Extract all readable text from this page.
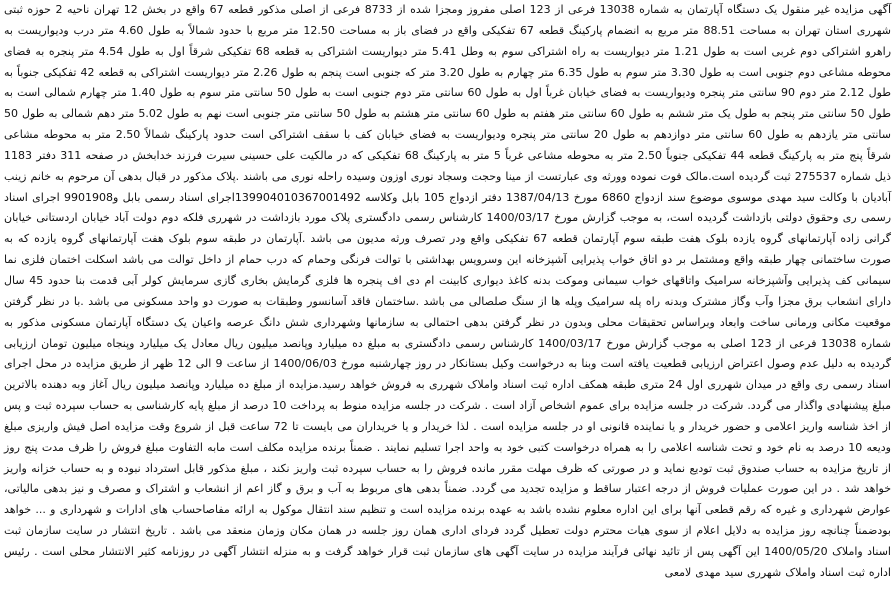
آگهی مزایده غیر منقول یک دستگاه آپارتمان به شماره 13038 فرعی از 123 اصلی مفروز ومجزا شده از 8733 فرعی از اصلی مذکور قطعه 67 واقع در بخش 12 تهران ناحیه 2 حوزه ثبتی شهرری استان تهران به مساحت 88.51 متر مربع به انضمام پارکینگ قطعه 67 تفکیکی واقع در فضای باز به مساحت 12.50 متر مربع با حدود شمالاً به طول 4.60 متر درب ودیواریست به راهرو اشتراکی دوم غربی است به طول 1.21 متر دیواریست به راه اشتراکی سوم به وطل 5.41 متر دیواریست اشتراکی به قطعه 68 تفکیکی شرقاً اول به طول 4.54 متر پنجره به فضای محوطه مشاعی دوم جنوبی است به طول 3.30 متر سوم به طول 6.35 متر چهارم به طول 3.20 متر که جنوبی است پنجم به طول 2.26 متر دیواریست اشتراکی به قطعه 42 تفکیکی جنوباً به طول 2.12 متر دوم 90 سانتی متر پنجره ودیواریست به فضای خیابان غرباً اول به طول 60 سانتی متر دوم جنوبی است به طول 50 سانتی متر سوم به طول 1.40 متر چهارم شمالی است به طول 50 سانتی متر پنجم به طول یک متر ششم به طول 60 سانتی متر هفتم به طول 60 سانتی متر هشتم به طول 50 سانتی متر جنوبی است نهم به طول 5.02 متر دهم شمالی به طول 50 سانتی متر یازدهم به طول 60 سانتی متر دوازدهم به طول 20 سانتی متر پنجره ودیواریست به فضای خیابان کف با سقف اشتراکی است حدود پارکینگ شمالاً 2.50 متر به محوطه مشاعی شرقاً پنج متر به پارکینگ قطعه 44 تفکیکی جنوباً 2.50 متر به محوطه مشاعی غرباً 5 متر به پارکینگ 68 تفکیکی که در مالکیت علی حسینی سیرت فرزند خدابخش در صفحه 311 دفتر 1183 ذیل شماره 275537 ثبت گردیده است.مالک فوت نموده وورثه وی عبارتست از مینا وحجت وسجاد نوری اوزون وسیده راحله نوری می باشند .پلاک مذکور در قبال بدهی آن مرحوم به خانم زینب آبادیان با وکالت سید مهدی موسوی موضوع سند ازدواج 6860 مورخ 1387/04/13 دفتر ازدواج 105 بابل وکلاسه 139904010367001492اجرای اسناد رسمی بابل و9901908 اجرای اسناد رسمی ری وحقوق دولتی بازداشت گردیده است، به موجب گزارش مورخ 1400/03/17 کارشناس رسمی دادگستری پلاک مورد بازداشت در شهرری فلکه دوم دولت آباد خیابان اردستانی خیابان گرانی زاده آپارتمانهای گروه یازده بلوک هفت طبقه سوم آپارتمان قطعه 67 تفکیکی واقع ودر تصرف ورثه مدیون می باشد .آپارتمان در طبقه سوم بلوک هفت آپارتمانهای گروه یازده که به صورت ساختمانی چهار طبقه واقع ومشتمل بر دو اتاق خواب پذیرایی آشپزخانه این وسرویس بهداشتی با توالت فرنگی وحمام که درب حمام از داخل توالت می باشد اسکلت اختمان فلزی نما سیمانی کف پذیرایی وآشپزخانه سرامیک واتاقهای خواب سیمانی وموکت بدنه کاغذ دیواری کابینت ام دی اف پنجره ها فلزی گرمایش بخاری گازی سرمایش کولر آبی قدمت بنا حدود 45 سال دارای انشعاب برق مجزا وآب وگاز مشترک وبدنه راه پله سرامیک وپله ها از سنگ صلصالی می باشد .ساختمان فاقد آسانسور وطبقات به صورت دو واحد مسکونی می باشد .با در نظر گرفتن موقعیت مکانی ورمانی ساخت وابعاد وبراساس تحقیقات محلی وبدون در نظر گرفتن بدهی احتمالی به سازمانها وشهرداری شش دانگ عرصه واعیان یک دستگاه آپارتمان مسکونی مذکور به شماره 13038 فرعی از 123 اصلی به موجب گزارش مورخ 1400/03/17 کارشناس رسمی دادگستری به مبلغ ده میلیارد وپانصد میلیون ریال معادل یک میلیارد وپنجاه میلیون تومان ارزیابی گردیده به دلیل عدم وصول اعتراض ارزیابی قطعیت یافته است وبنا به درخواست وکیل بستانکار در روز چهارشنبه مورخ 1400/06/03 از ساعت 9 الی 12 ظهر از طریق مزایده در محل اجرای اسناد رسمی ری واقع در میدان شهرری اول 24 متری طبقه همکف اداره ثبت اسناد واملاک شهرری به فروش خواهد رسید.مزایده از مبلغ ده میلیارد وپانصد میلیون ریال آغاز وبه دهنده بالاترین مبلغ پیشنهادی واگذار می گردد. شرکت در جلسه مزایده برای عموم اشخاص آزاد است . شرکت در جلسه مزایده منوط به پرداخت 10 درصد از مبلغ پایه کارشناسی به حساب سپرده ثبت و پس از اخذ شناسه واریز اعلامی و حضور خریدار و یا نماینده قانونی او در جلسه مزایده است . لذا خریدار و یا خریداران می بایست تا 72 ساعت قبل از شروع وقت مزایده اصل فیش واریزی مبلغ ودیعه 10 درصد به نام خود و تحت شناسه اعلامی را به همراه درخواست کتبی خود به واحد اجرا تسلیم نمایند . ضمناً برنده مزایده مکلف است مابه التفاوت مبلغ فروش را ظرف مدت پنج روز از تاریخ مزایده به حساب صندوق ثبت تودیع نماید و در صورتی که ظرف مهلت مقرر مانده فروش را به حساب سپرده ثبت واریز نکند ، مبلغ مذکور قابل استرداد نبوده و به حساب خزانه واریز خواهد شد . در این صورت عملیات فروش از درجه اعتبار ساقط و مزایده تجدید می گردد. ضمناً بدهی های مربوط به آب و برق و گاز اعم از انشعاب و اشتراک و مصرف و نیز بدهی مالیاتی، عوارض شهرداری و غیره که رقم قطعی آنها برای این اداره معلوم نشده باشد به عهده برنده مزایده است و تنظیم سند انتقال موکول به ارائه مفاصاحساب های ادارات و شهرداری و ... خواهد بودضمناً چنانچه روز مزایده به دلایل اعلام از سوی هیات محترم دولت تعطیل گردد فردای اداری همان روز جلسه در همان مکان وزمان منعقد می باشد . تاریخ انتشار در سایت سازمان ثبت اسناد واملاک 1400/05/20 این آگهی پس از تائید نهائی فرآیند مزایده در سایت آگهی های سازمان ثبت قرار خواهد گرفت و به منزله انتشار آگهی در روزنامه کثیر الانتشار محلی است . رئیس اداره ثبت اسناد واملاک شهرری سید مهدی لامعی
